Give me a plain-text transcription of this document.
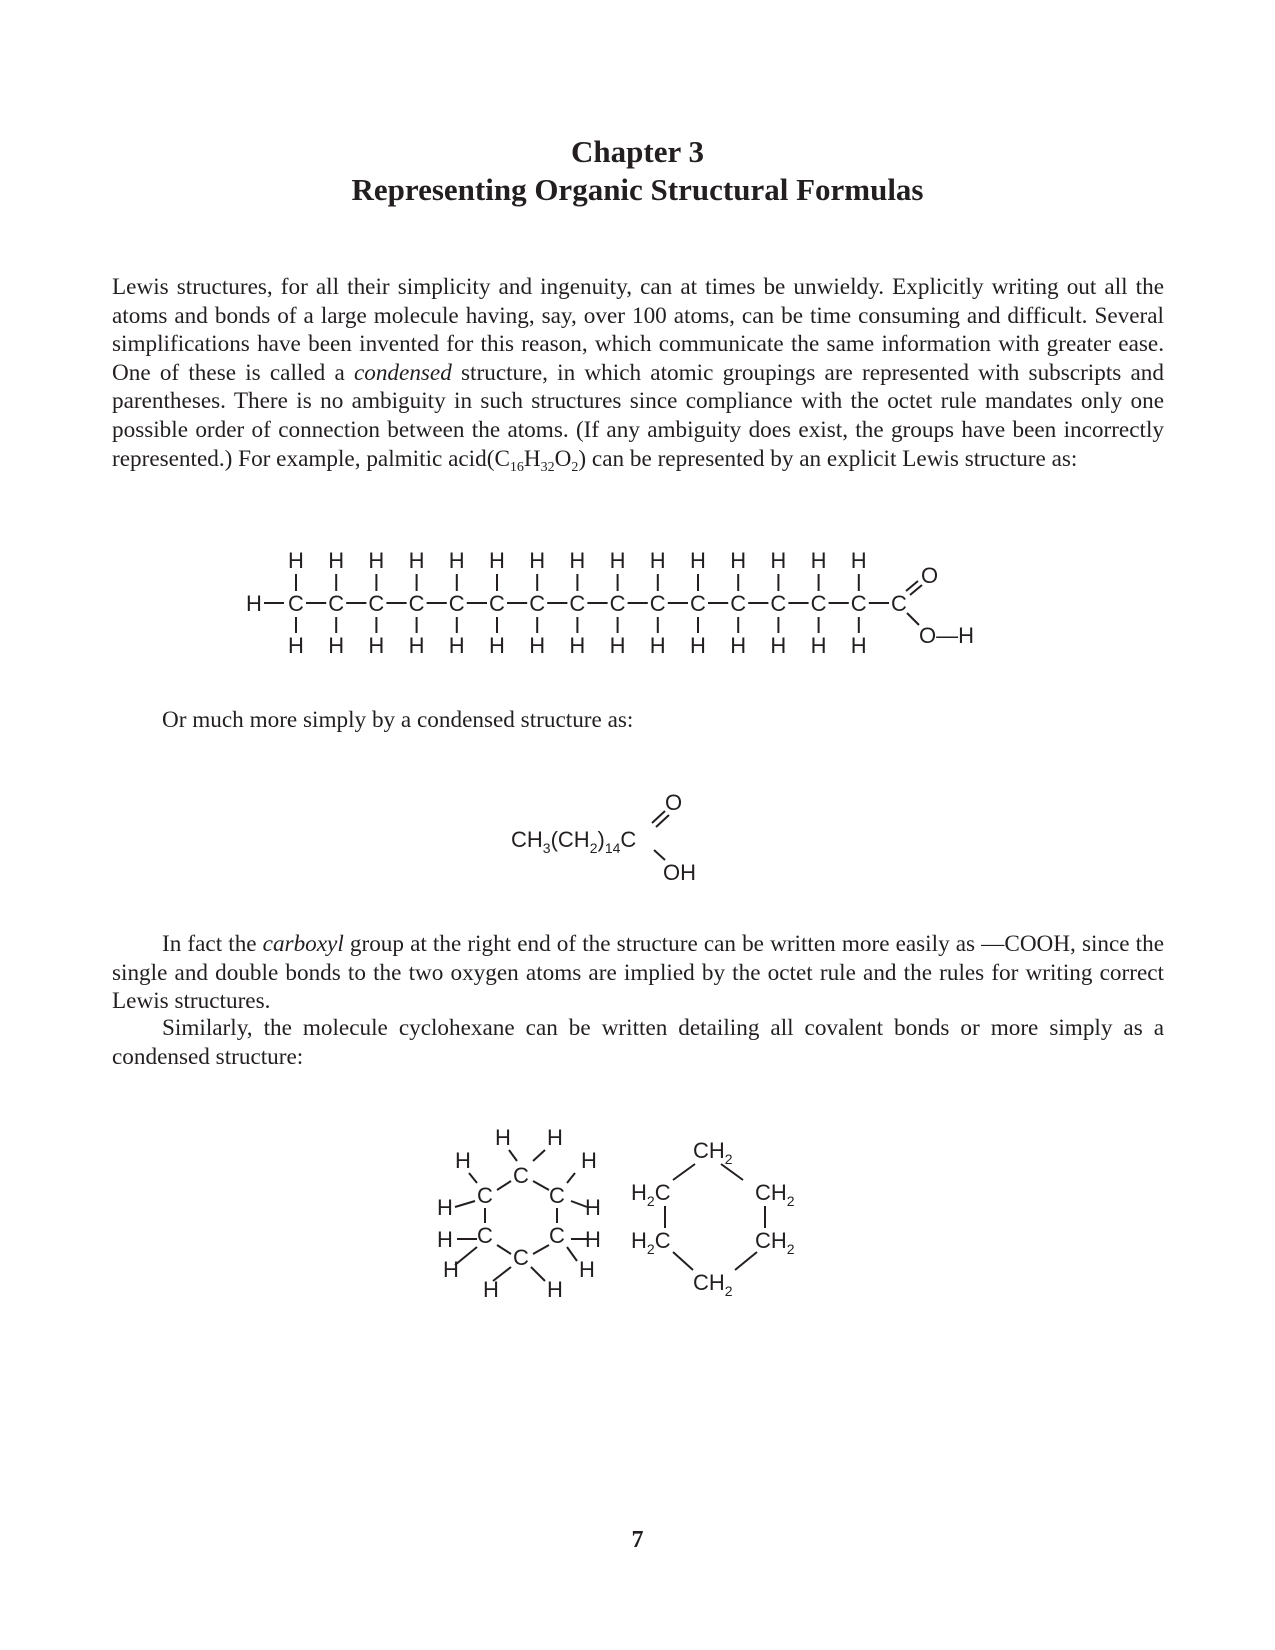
Chapter 3
Representing Organic Structural Formulas
Lewis structures, for all their simplicity and ingenuity, can at times be unwieldy. Explicitly writing out all the atoms and bonds of a large molecule having, say, over 100 atoms, can be time consuming and difficult. Several simplifications have been invented for this reason, which communicate the same information with greater ease. One of these is called a condensed structure, in which atomic groupings are represented with subscripts and parentheses. There is no ambiguity in such structures since compliance with the octet rule mandates only one possible order of connection between the atoms. (If any ambiguity does exist, the groups have been incorrectly represented.) For example, palmitic $acid(C_{16}H_{32}O_2)$ can be represented by an explicit Lewis structure as:
H C
H
H
C
H
H
C
H
H
C
H
H
C
H
H
C
H
H
C
H
H
C
H
H
C
H
H
C
H
H
C
H
H
C
H
H
C
H
H
C
H
H
C
H
H
C
O
O—H
Or much more simply by a condensed structure as:
$CH_3(CH_2)_{14}C$
O
OH
In fact the carboxyl group at the right end of the structure can be written more easily as —COOH, since the single and double bonds to the two oxygen atoms are implied by the octet rule and the rules for writing correct Lewis structures.
Similarly, the molecule cyclohexane can be written detailing all covalent bonds or more simply as a condensed structure:
C
C	C
C	C
C
H H
H	H
H	H
H	H
H	H
H H
$CH_2$
$H_2C$	$CH_2$
$H_2C$	$CH_2$
$CH_2$
7
